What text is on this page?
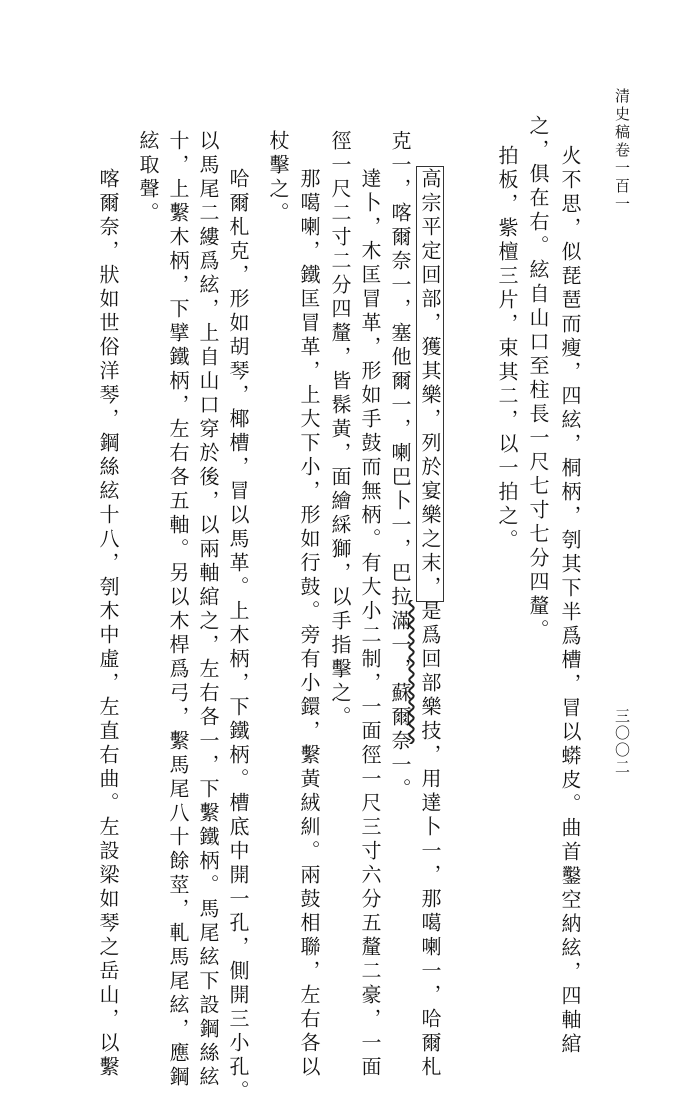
清史稿卷一百一
三〇〇二
火不思，似琵琶而瘦，四絃，桐柄，刳其下半爲槽，冒以蟒皮。曲首鑿空納絃，四軸綰
之，俱在右。絃自山口至柱長一尺七寸七分四釐。
拍板，紫檀三片，束其二，以一拍之。
高宗平定回部，獲其樂，列於宴樂之末，是爲回部樂技，用達卜一，那噶喇一，哈爾札
克一，喀爾奈一，塞他爾一，喇巴卜一，巴拉滿一，蘇爾奈一。
達卜，木匡冒革，形如手鼓而無柄。有大小二制，一面徑一尺三寸六分五釐二豪，一面
徑一尺二寸二分四釐，皆髹黃，面繪綵獅，以手指擊之。
那噶喇，鐵匡冒革，上大下小，形如行鼓。旁有小鐶，繫黃絨紃。兩鼓相聯，左右各以
杖擊之。
哈爾札克，形如胡琴，椰槽，冒以馬革。上木柄，下鐵柄。槽底中開一孔，側開三小孔。
以馬尾二縷爲絃，上自山口穿於後，以兩軸綰之，左右各一，下繫鐵柄。馬尾絃下設鋼絲絃
十，上繫木柄，下擘鐵柄，左右各五軸。另以木桿爲弓，繫馬尾八十餘莖，軋馬尾絃，應鋼
絃取聲。
喀爾奈，狀如世俗洋琴，鋼絲絃十八，刳木中虛，左直右曲。左設梁如琴之岳山，以繫
